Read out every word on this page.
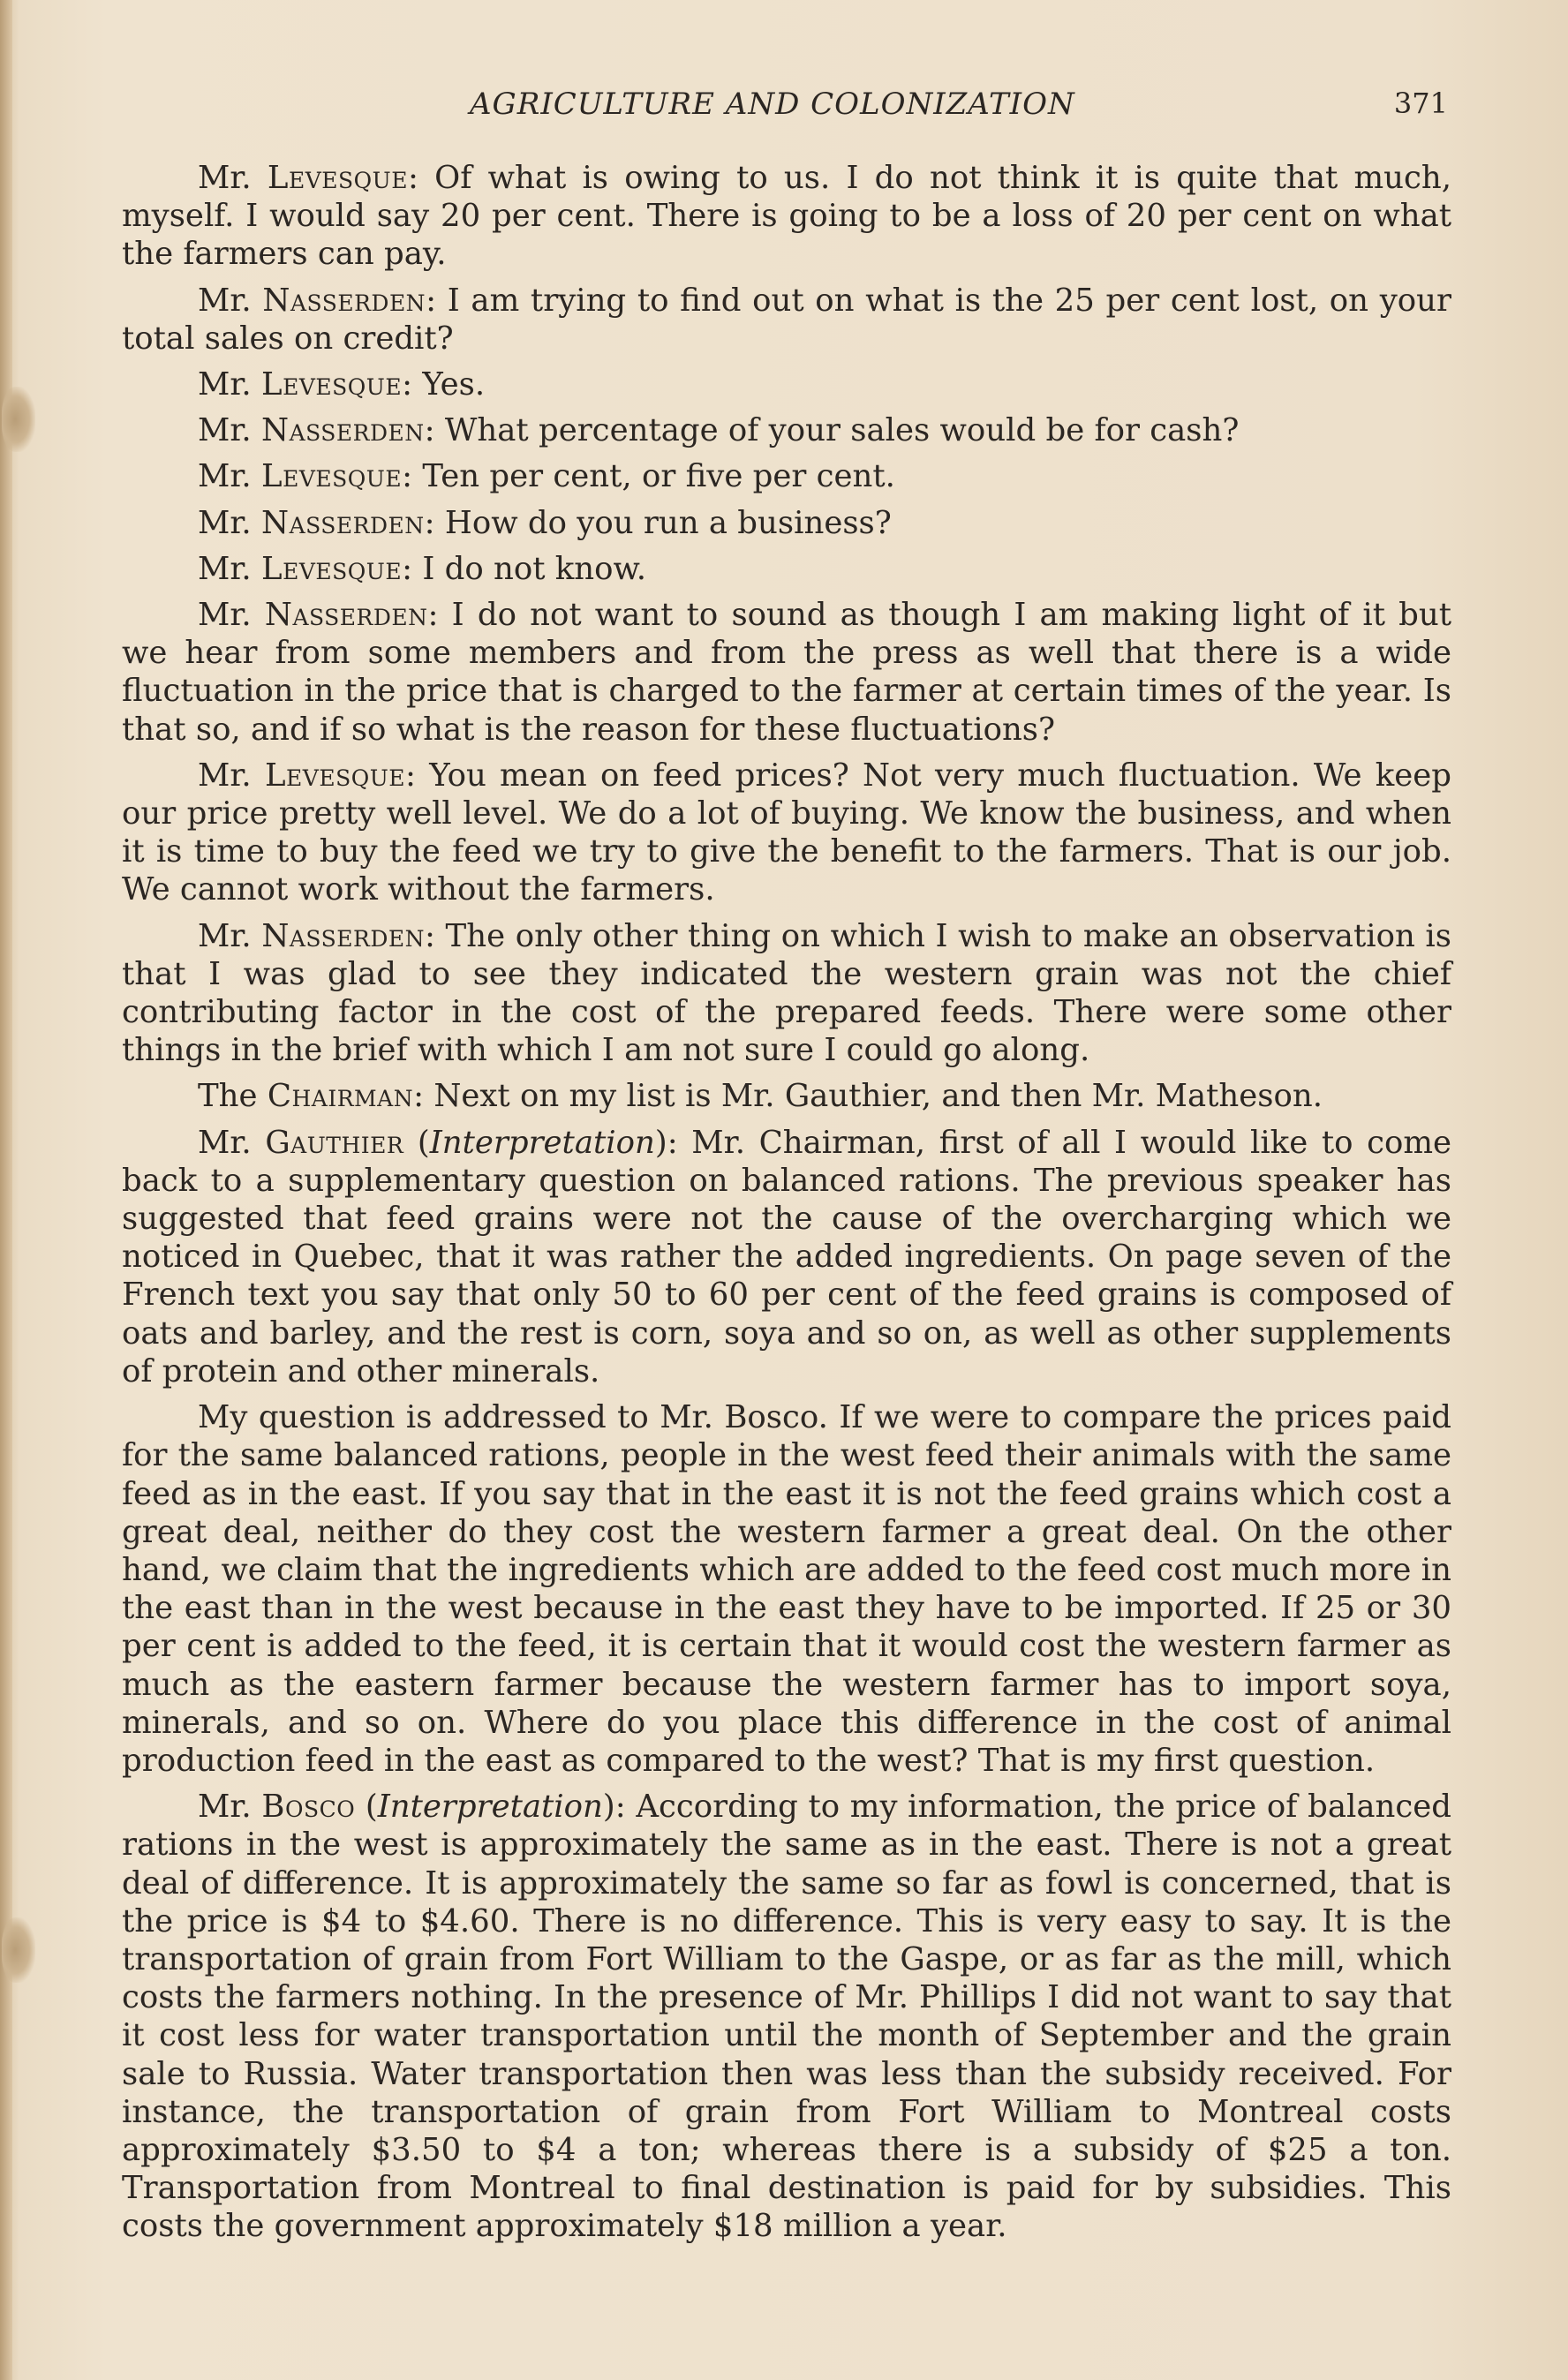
AGRICULTURE AND COLONIZATION	371

Mr. Levesque: Of what is owing to us. I do not think it is quite that much, myself. I would say 20 per cent. There is going to be a loss of 20 per cent on what the farmers can pay.

Mr. Nasserden: I am trying to find out on what is the 25 per cent lost, on your total sales on credit?

Mr. Levesque: Yes.

Mr. Nasserden: What percentage of your sales would be for cash?

Mr. Levesque: Ten per cent, or five per cent.

Mr. Nasserden: How do you run a business?

Mr. Levesque: I do not know.

Mr. Nasserden: I do not want to sound as though I am making light of it but we hear from some members and from the press as well that there is a wide fluctuation in the price that is charged to the farmer at certain times of the year. Is that so, and if so what is the reason for these fluctuations?

Mr. Levesque: You mean on feed prices? Not very much fluctuation. We keep our price pretty well level. We do a lot of buying. We know the business, and when it is time to buy the feed we try to give the benefit to the farmers. That is our job. We cannot work without the farmers.

Mr. Nasserden: The only other thing on which I wish to make an observation is that I was glad to see they indicated the western grain was not the chief contributing factor in the cost of the prepared feeds. There were some other things in the brief with which I am not sure I could go along.

The Chairman: Next on my list is Mr. Gauthier, and then Mr. Matheson.

Mr. Gauthier (Interpretation): Mr. Chairman, first of all I would like to come back to a supplementary question on balanced rations. The previous speaker has suggested that feed grains were not the cause of the overcharging which we noticed in Quebec, that it was rather the added ingredients. On page seven of the French text you say that only 50 to 60 per cent of the feed grains is composed of oats and barley, and the rest is corn, soya and so on, as well as other supplements of protein and other minerals.

My question is addressed to Mr. Bosco. If we were to compare the prices paid for the same balanced rations, people in the west feed their animals with the same feed as in the east. If you say that in the east it is not the feed grains which cost a great deal, neither do they cost the western farmer a great deal. On the other hand, we claim that the ingredients which are added to the feed cost much more in the east than in the west because in the east they have to be imported. If 25 or 30 per cent is added to the feed, it is certain that it would cost the western farmer as much as the eastern farmer because the western farmer has to import soya, minerals, and so on. Where do you place this difference in the cost of animal production feed in the east as compared to the west? That is my first question.

Mr. Bosco (Interpretation): According to my information, the price of balanced rations in the west is approximately the same as in the east. There is not a great deal of difference. It is approximately the same so far as fowl is concerned, that is the price is $4 to $4.60. There is no difference. This is very easy to say. It is the transportation of grain from Fort William to the Gaspe, or as far as the mill, which costs the farmers nothing. In the presence of Mr. Phillips I did not want to say that it cost less for water transportation until the month of September and the grain sale to Russia. Water transportation then was less than the subsidy received. For instance, the transportation of grain from Fort William to Montreal costs approximately $3.50 to $4 a ton; whereas there is a subsidy of $25 a ton. Transportation from Montreal to final destination is paid for by subsidies. This costs the government approximately $18 million a year.
